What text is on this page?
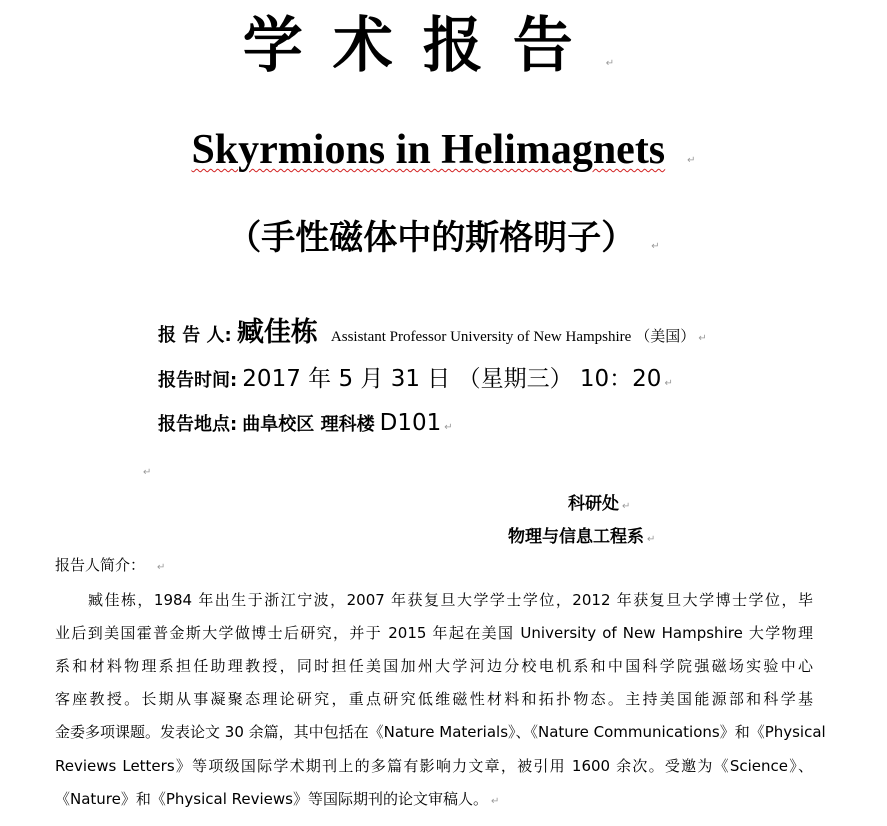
学术报告 ↵
Skyrmions in Helimagnets ↵
（手性磁体中的斯格明子） ↵
报 告 人: 臧佳栋 Assistant Professor University of New Hampshire （美国） ↵
报告时间: 2017 年 5 月 31 日 （星期三） 10：20 ↵
报告地点: 曲阜校区 理科楼 D101 ↵
↵
科研处 ↵
物理与信息工程系 ↵
报告人简介： ↵
臧佳栋，1984 年出生于浙江宁波，2007 年获复旦大学学士学位，2012 年获复旦大学博士学位，毕
业后到美国霍普金斯大学做博士后研究，并于 2015 年起在美国 University of New Hampshire 大学物理
系和材料物理系担任助理教授，同时担任美国加州大学河边分校电机系和中国科学院强磁场实验中心
客座教授。长期从事凝聚态理论研究，重点研究低维磁性材料和拓扑物态。主持美国能源部和科学基
金委多项课题。发表论文 30 余篇，其中包括在《Nature Materials》、《Nature Communications》和《Physical
Reviews Letters》等项级国际学术期刊上的多篇有影响力文章，被引用 1600 余次。受邀为《Science》、
《Nature》和《Physical Reviews》等国际期刊的论文审稿人。 ↵
